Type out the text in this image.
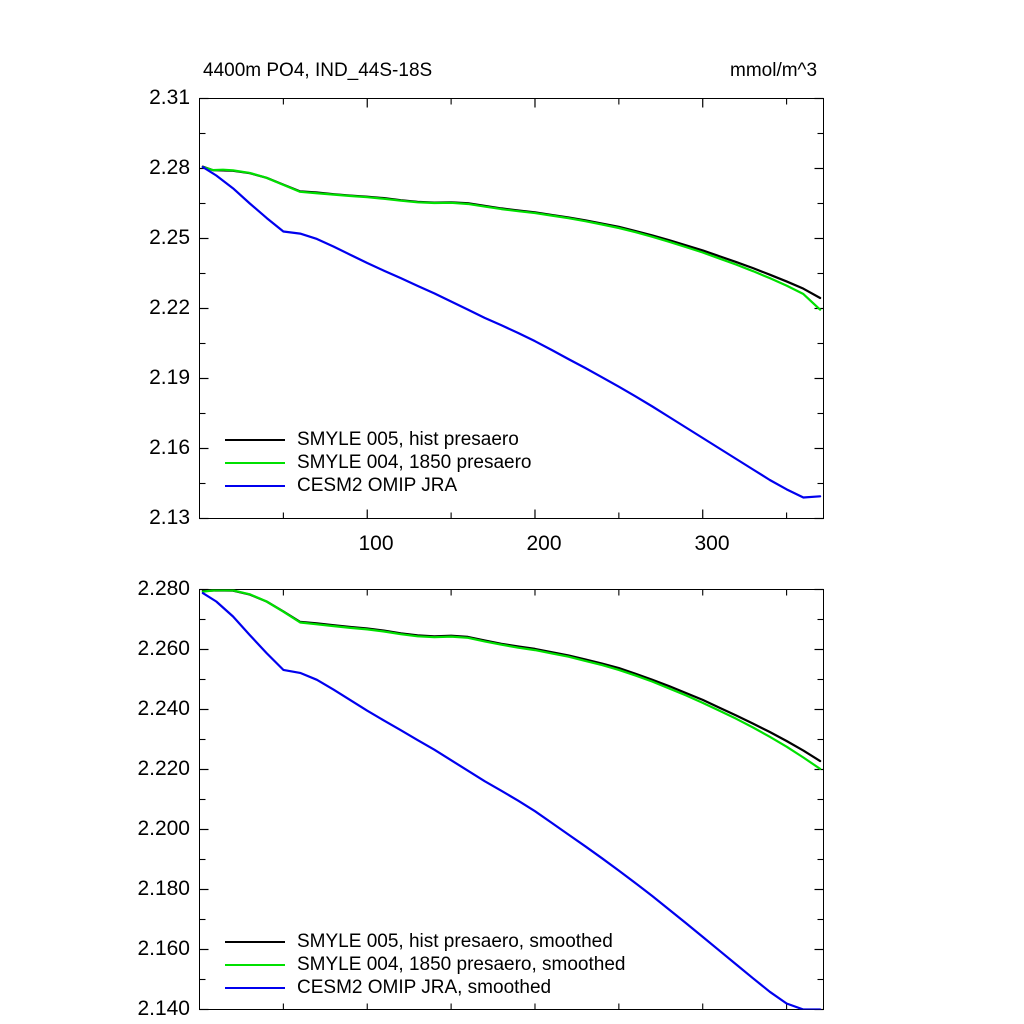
4400m PO4, IND_44S-18S	mmol/m^3
2.31
2.28
2.25
2.22
2.19
2.16
2.13
100	200	300
SMYLE 005, hist presaero
SMYLE 004, 1850 presaero
CESM2 OMIP JRA
2.280
2.260
2.240
2.220
2.200
2.180
2.160
2.140
SMYLE 005, hist presaero, smoothed
SMYLE 004, 1850 presaero, smoothed
CESM2 OMIP JRA, smoothed
